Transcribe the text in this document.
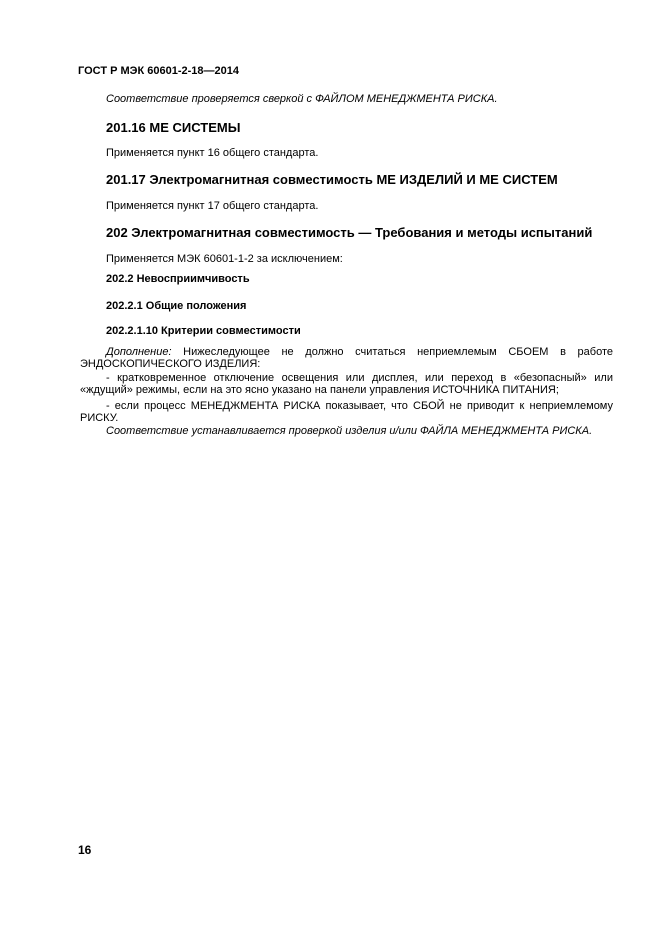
ГОСТ Р МЭК 60601-2-18—2014
Соответствие проверяется сверкой с ФАЙЛОМ МЕНЕДЖМЕНТА РИСКА.
201.16 МЕ СИСТЕМЫ
Применяется пункт 16 общего стандарта.
201.17 Электромагнитная совместимость МЕ ИЗДЕЛИЙ И МЕ СИСТЕМ
Применяется пункт 17 общего стандарта.
202 Электромагнитная совместимость — Требования и методы испытаний
Применяется МЭК 60601-1-2 за исключением:
202.2 Невосприимчивость
202.2.1 Общие положения
202.2.1.10 Критерии совместимости
Дополнение: Нижеследующее не должно считаться неприемлемым СБОЕМ в работе ЭНДОСКОПИЧЕСКОГО ИЗДЕЛИЯ:
- кратковременное отключение освещения или дисплея, или переход в «безопасный» или «ждущий» режимы, если на это ясно указано на панели управления ИСТОЧНИКА ПИТАНИЯ;
- если процесс МЕНЕДЖМЕНТА РИСКА показывает, что СБОЙ не приводит к неприемлемому РИСКУ.
Соответствие устанавливается проверкой изделия и/или ФАЙЛА МЕНЕДЖМЕНТА РИСКА.
16
